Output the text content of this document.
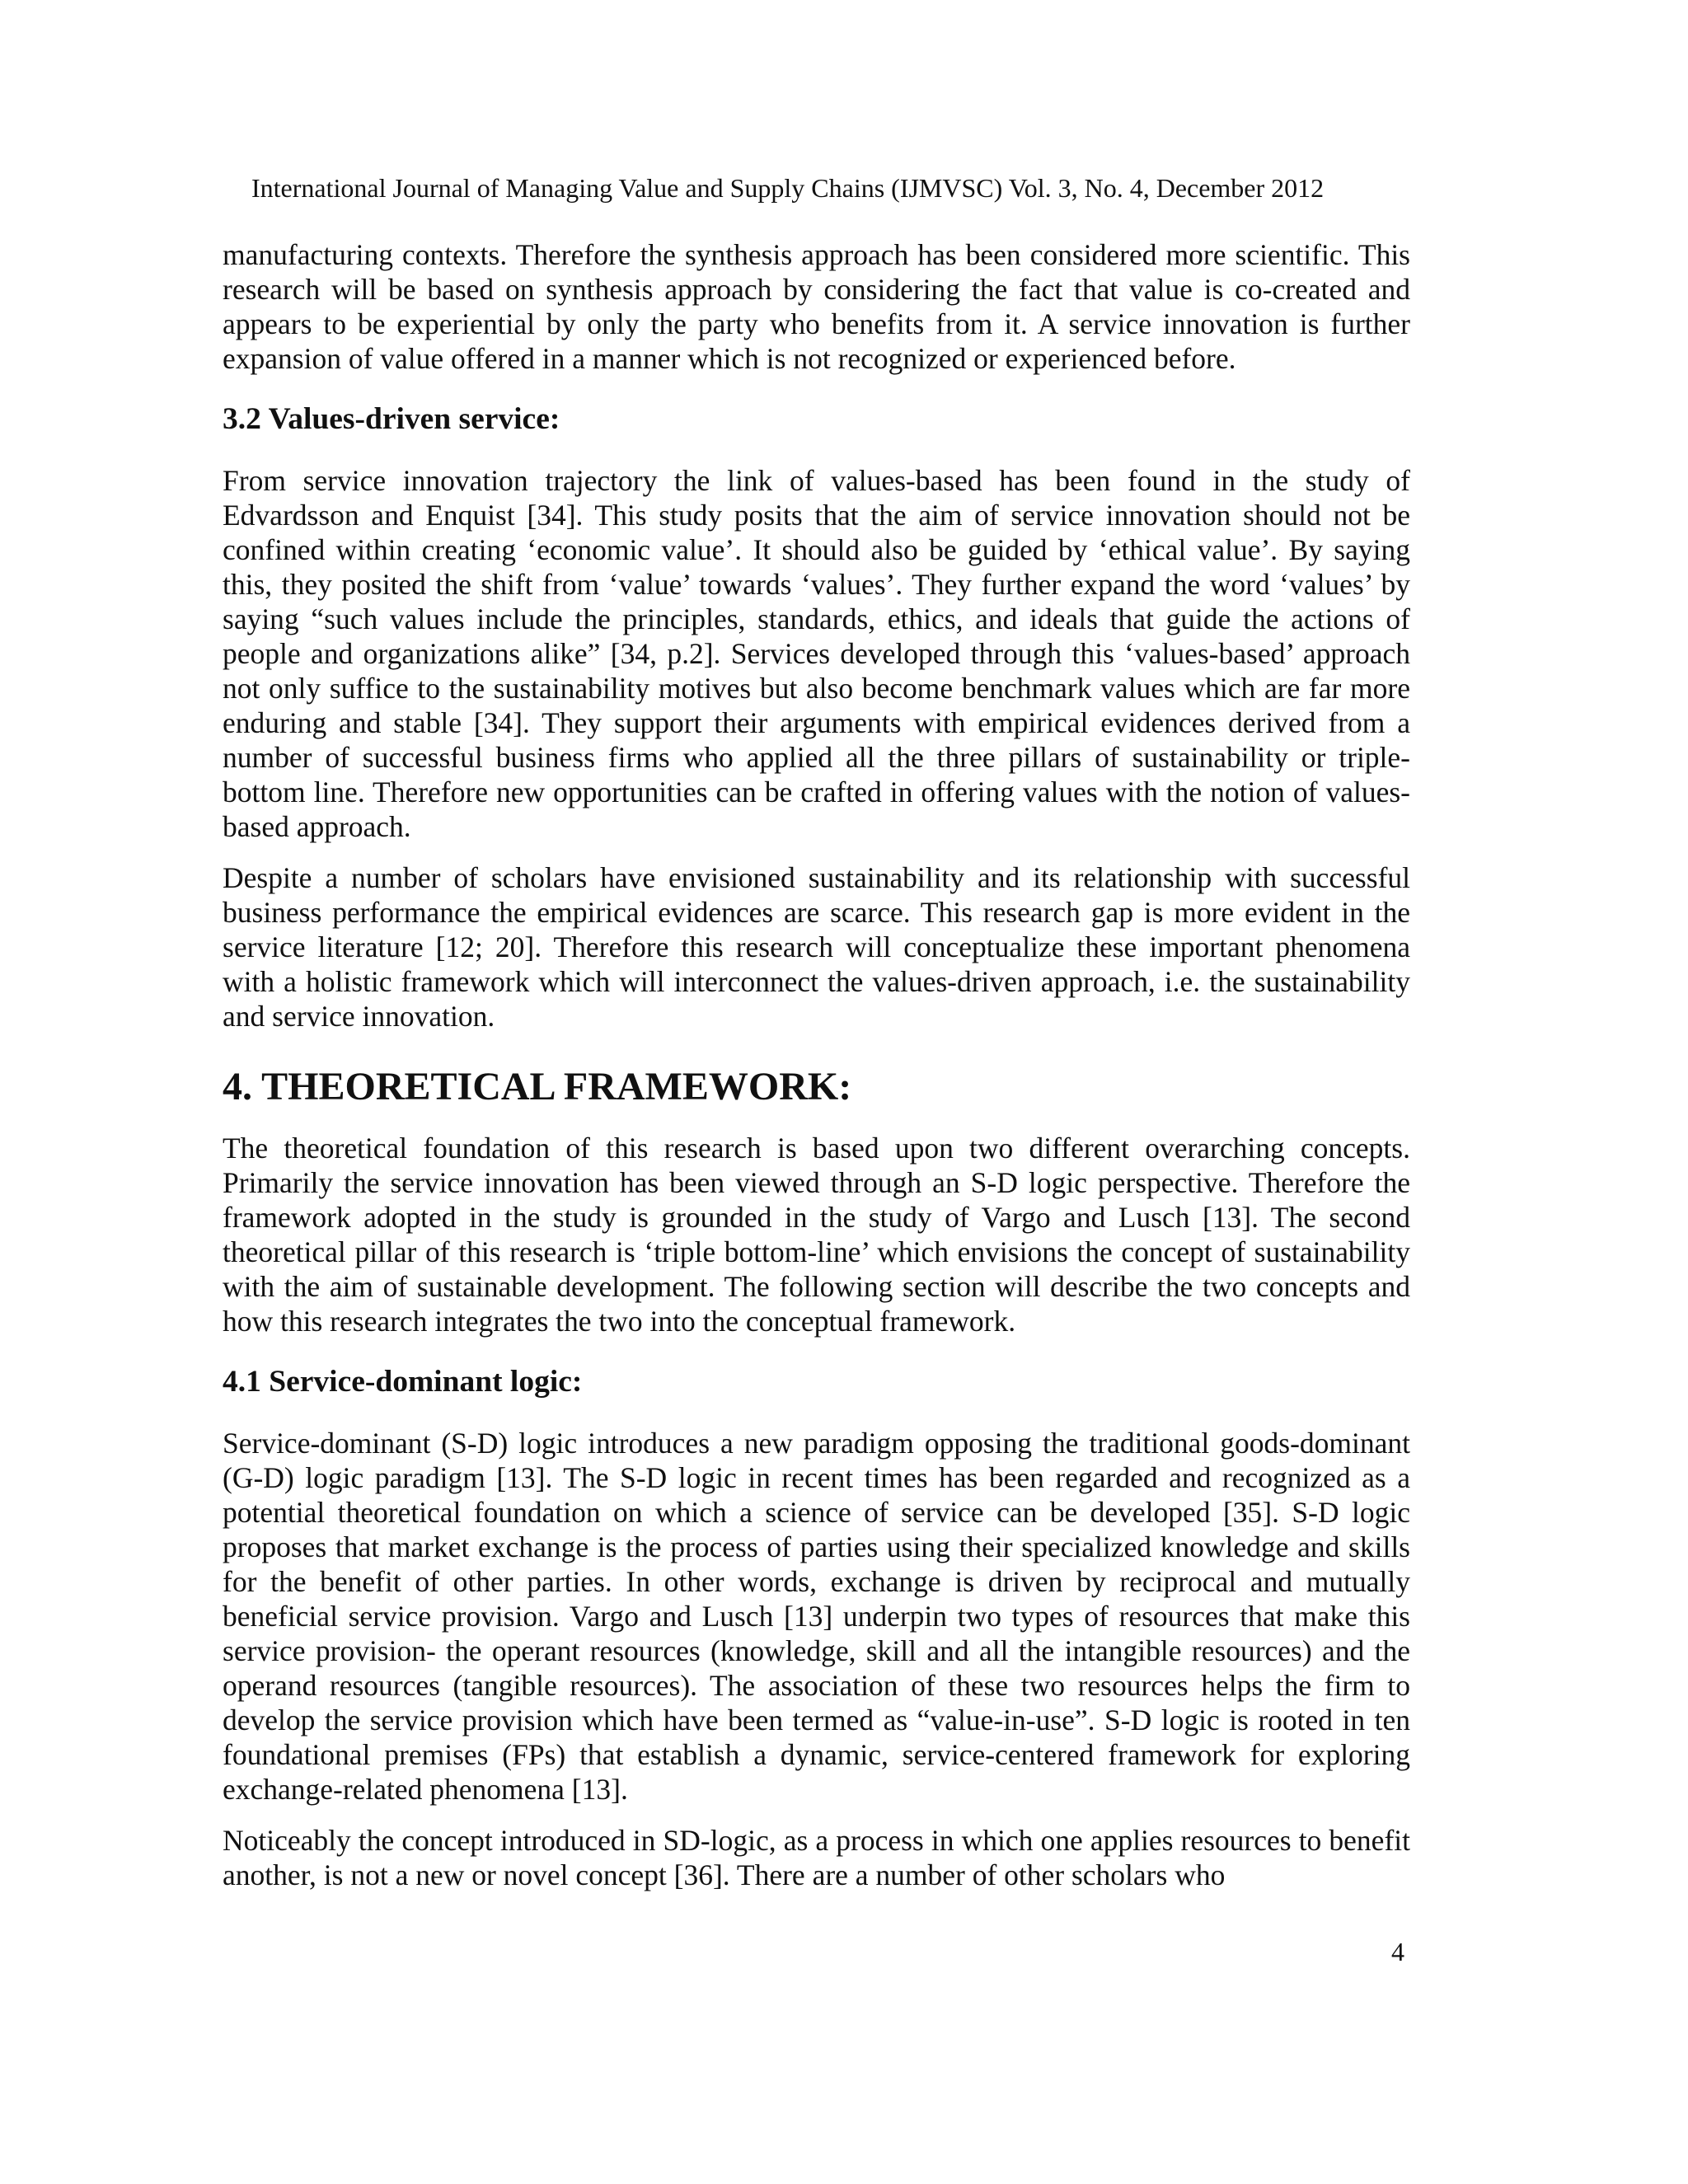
International Journal of Managing Value and Supply Chains (IJMVSC) Vol. 3, No. 4, December 2012

manufacturing contexts. Therefore the synthesis approach has been considered more scientific. This research will be based on synthesis approach by considering the fact that value is co-created and appears to be experiential by only the party who benefits from it. A service innovation is further expansion of value offered in a manner which is not recognized or experienced before.

3.2 Values-driven service:

From service innovation trajectory the link of values-based has been found in the study of Edvardsson and Enquist [34]. This study posits that the aim of service innovation should not be confined within creating ‘economic value’. It should also be guided by ‘ethical value’. By saying this, they posited the shift from ‘value’ towards ‘values’. They further expand the word ‘values’ by saying “such values include the principles, standards, ethics, and ideals that guide the actions of people and organizations alike” [34, p.2]. Services developed through this ‘values-based’ approach not only suffice to the sustainability motives but also become benchmark values which are far more enduring and stable [34]. They support their arguments with empirical evidences derived from a number of successful business firms who applied all the three pillars of sustainability or triple-bottom line. Therefore new opportunities can be crafted in offering values with the notion of values-based approach.

Despite a number of scholars have envisioned sustainability and its relationship with successful business performance the empirical evidences are scarce. This research gap is more evident in the service literature [12; 20]. Therefore this research will conceptualize these important phenomena with a holistic framework which will interconnect the values-driven approach, i.e. the sustainability and service innovation.

4. THEORETICAL FRAMEWORK:

The theoretical foundation of this research is based upon two different overarching concepts. Primarily the service innovation has been viewed through an S-D logic perspective. Therefore the framework adopted in the study is grounded in the study of Vargo and Lusch [13]. The second theoretical pillar of this research is ‘triple bottom-line’ which envisions the concept of sustainability with the aim of sustainable development. The following section will describe the two concepts and how this research integrates the two into the conceptual framework.

4.1 Service-dominant logic:

Service-dominant (S-D) logic introduces a new paradigm opposing the traditional goods-dominant (G-D) logic paradigm [13]. The S-D logic in recent times has been regarded and recognized as a potential theoretical foundation on which a science of service can be developed [35]. S-D logic proposes that market exchange is the process of parties using their specialized knowledge and skills for the benefit of other parties. In other words, exchange is driven by reciprocal and mutually beneficial service provision. Vargo and Lusch [13] underpin two types of resources that make this service provision- the operant resources (knowledge, skill and all the intangible resources) and the operand resources (tangible resources). The association of these two resources helps the firm to develop the service provision which have been termed as “value-in-use”. S-D logic is rooted in ten foundational premises (FPs) that establish a dynamic, service-centered framework for exploring exchange-related phenomena [13].

Noticeably the concept introduced in SD-logic, as a process in which one applies resources to benefit another, is not a new or novel concept [36]. There are a number of other scholars who

4
